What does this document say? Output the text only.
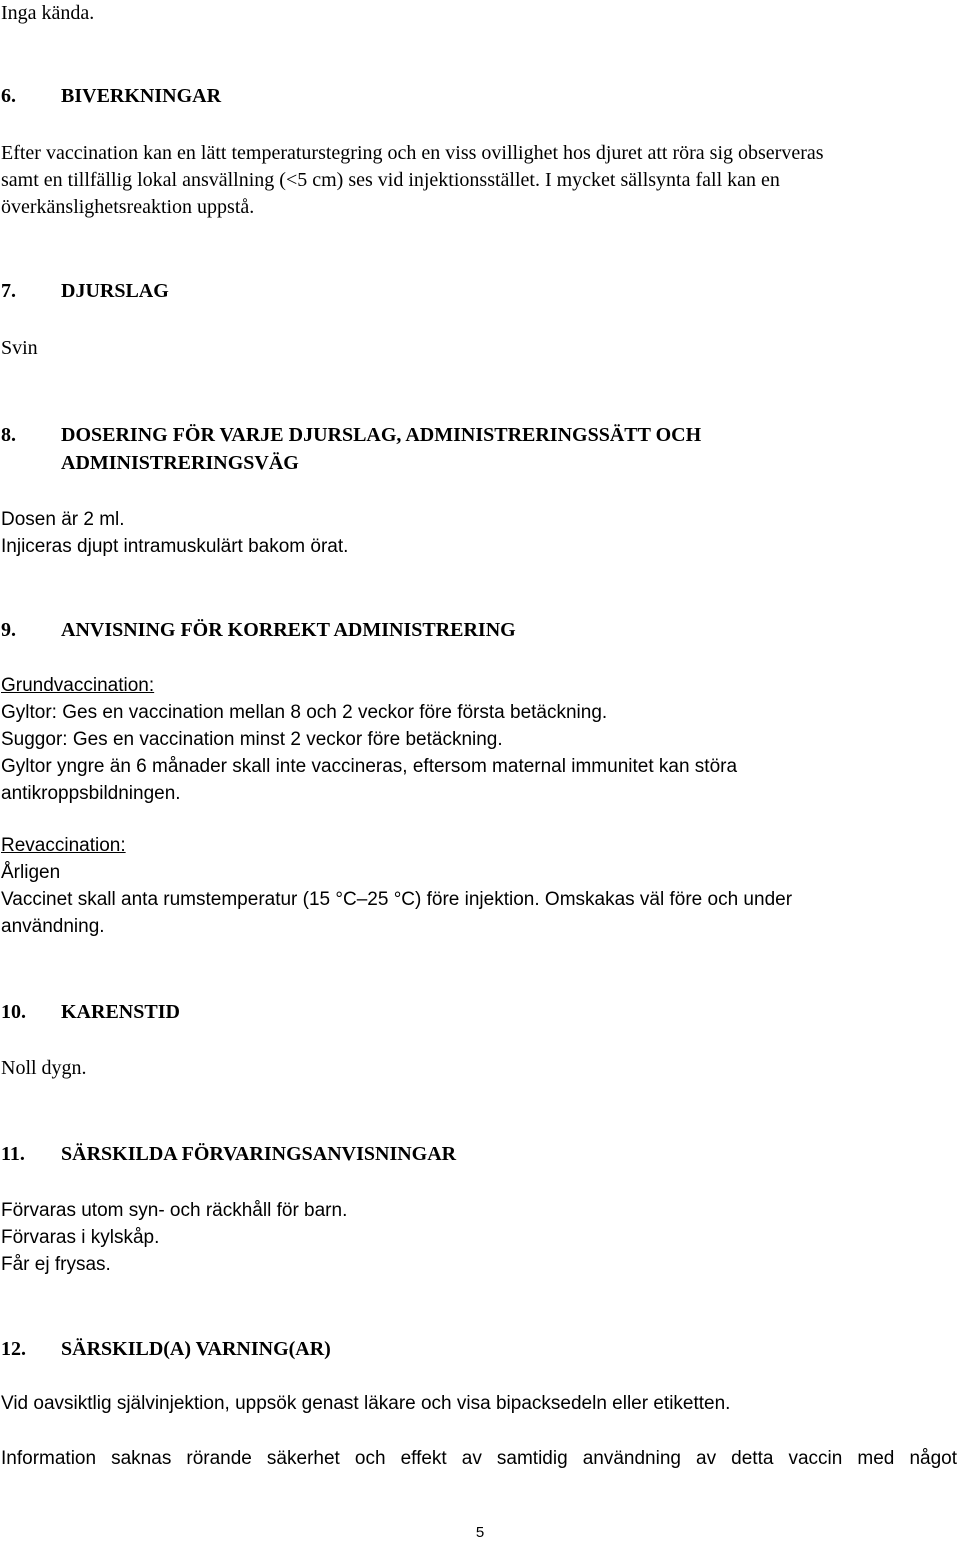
Inga kända.
6. BIVERKNINGAR
Efter vaccination kan en lätt temperaturstegring och en viss ovillighet hos djuret att röra sig observeras
samt en tillfällig lokal ansvällning (<5 cm) ses vid injektionsstället. I mycket sällsynta fall kan en
överkänslighetsreaktion uppstå.
7. DJURSLAG
Svin
8. DOSERING FÖR VARJE DJURSLAG, ADMINISTRERINGSSÄTT OCH
ADMINISTRERINGSVÄG
Dosen är 2 ml.
Injiceras djupt intramuskulärt bakom örat.
9. ANVISNING FÖR KORREKT ADMINISTRERING
Grundvaccination:
Gyltor: Ges en vaccination mellan 8 och 2 veckor före första betäckning.
Suggor: Ges en vaccination minst 2 veckor före betäckning.
Gyltor yngre än 6 månader skall inte vaccineras, eftersom maternal immunitet kan störa
antikroppsbildningen.
Revaccination:
Årligen
Vaccinet skall anta rumstemperatur (15 °C–25 °C) före injektion. Omskakas väl före och under
användning.
10. KARENSTID
Noll dygn.
11. SÄRSKILDA FÖRVARINGSANVISNINGAR
Förvaras utom syn- och räckhåll för barn.
Förvaras i kylskåp.
Får ej frysas.
12. SÄRSKILD(A) VARNING(AR)
Vid oavsiktlig självinjektion, uppsök genast läkare och visa bipacksedeln eller etiketten.
Information saknas rörande säkerhet och effekt av samtidig användning av detta vaccin med något
5
